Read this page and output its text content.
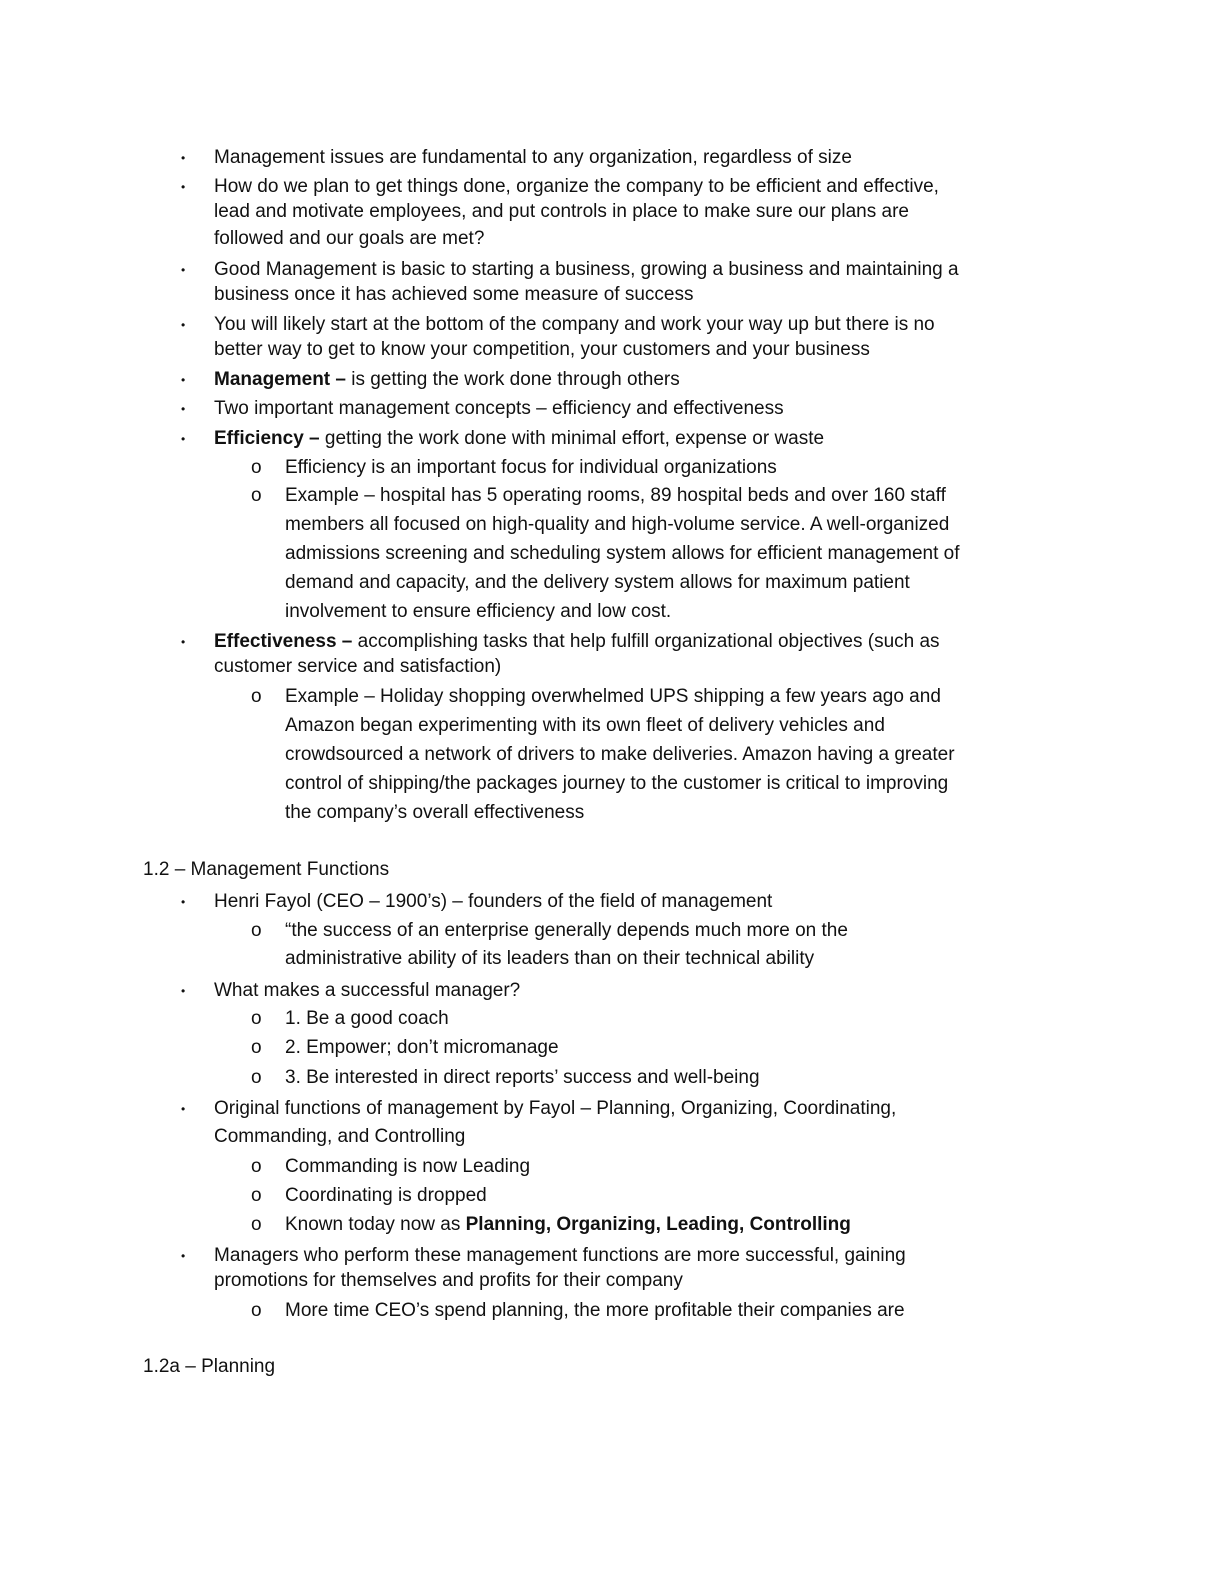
• Management issues are fundamental to any organization, regardless of size
• How do we plan to get things done, organize the company to be efficient and effective,
lead and motivate employees, and put controls in place to make sure our plans are
followed and our goals are met?
• Good Management is basic to starting a business, growing a business and maintaining a
business once it has achieved some measure of success
• You will likely start at the bottom of the company and work your way up but there is no
better way to get to know your competition, your customers and your business
• Management – is getting the work done through others
• Two important management concepts – efficiency and effectiveness
• Efficiency – getting the work done with minimal effort, expense or waste
o Efficiency is an important focus for individual organizations
o Example – hospital has 5 operating rooms, 89 hospital beds and over 160 staff
members all focused on high-quality and high-volume service. A well-organized
admissions screening and scheduling system allows for efficient management of
demand and capacity, and the delivery system allows for maximum patient
involvement to ensure efficiency and low cost.
• Effectiveness – accomplishing tasks that help fulfill organizational objectives (such as
customer service and satisfaction)
o Example – Holiday shopping overwhelmed UPS shipping a few years ago and
Amazon began experimenting with its own fleet of delivery vehicles and
crowdsourced a network of drivers to make deliveries. Amazon having a greater
control of shipping/the packages journey to the customer is critical to improving
the company’s overall effectiveness
1.2 – Management Functions
• Henri Fayol (CEO – 1900’s) – founders of the field of management
o “the success of an enterprise generally depends much more on the
administrative ability of its leaders than on their technical ability
• What makes a successful manager?
o 1. Be a good coach
o 2. Empower; don’t micromanage
o 3. Be interested in direct reports’ success and well-being
• Original functions of management by Fayol – Planning, Organizing, Coordinating,
Commanding, and Controlling
o Commanding is now Leading
o Coordinating is dropped
o Known today now as Planning, Organizing, Leading, Controlling
• Managers who perform these management functions are more successful, gaining
promotions for themselves and profits for their company
o More time CEO’s spend planning, the more profitable their companies are
1.2a – Planning
